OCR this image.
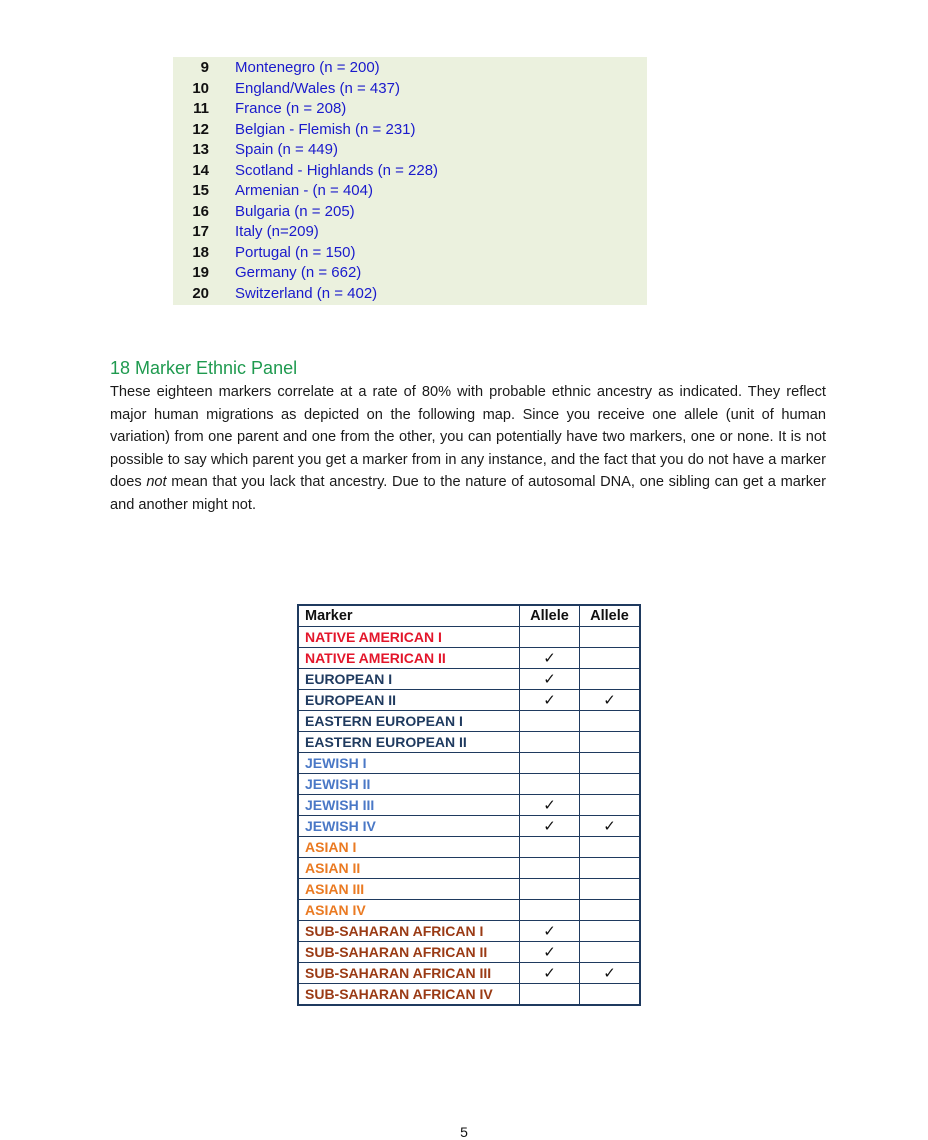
9 Montenegro (n = 200)
10 England/Wales (n = 437)
11 France (n = 208)
12 Belgian - Flemish (n = 231)
13 Spain (n = 449)
14 Scotland - Highlands (n = 228)
15 Armenian - (n = 404)
16 Bulgaria (n = 205)
17 Italy (n=209)
18 Portugal (n = 150)
19 Germany (n = 662)
20 Switzerland (n = 402)
18 Marker Ethnic Panel

These eighteen markers correlate at a rate of 80% with probable ethnic ancestry as indicated. They reflect major human migrations as depicted on the following map. Since you receive one allele (unit of human variation) from one parent and one from the other, you can potentially have two markers, one or none. It is not possible to say which parent you get a marker from in any instance, and the fact that you do not have a marker does not mean that you lack that ancestry. Due to the nature of autosomal DNA, one sibling can get a marker and another might not.

Marker	Allele	Allele
NATIVE AMERICAN I		
NATIVE AMERICAN II	✓	
EUROPEAN I	✓	
EUROPEAN II	✓	✓
EASTERN EUROPEAN I		
EASTERN EUROPEAN II		
JEWISH I		
JEWISH II		
JEWISH III	✓	
JEWISH IV	✓	✓
ASIAN I		
ASIAN II		
ASIAN III		
ASIAN IV		
SUB-SAHARAN AFRICAN I	✓	
SUB-SAHARAN AFRICAN II	✓	
SUB-SAHARAN AFRICAN III	✓	✓
SUB-SAHARAN AFRICAN IV		
5
